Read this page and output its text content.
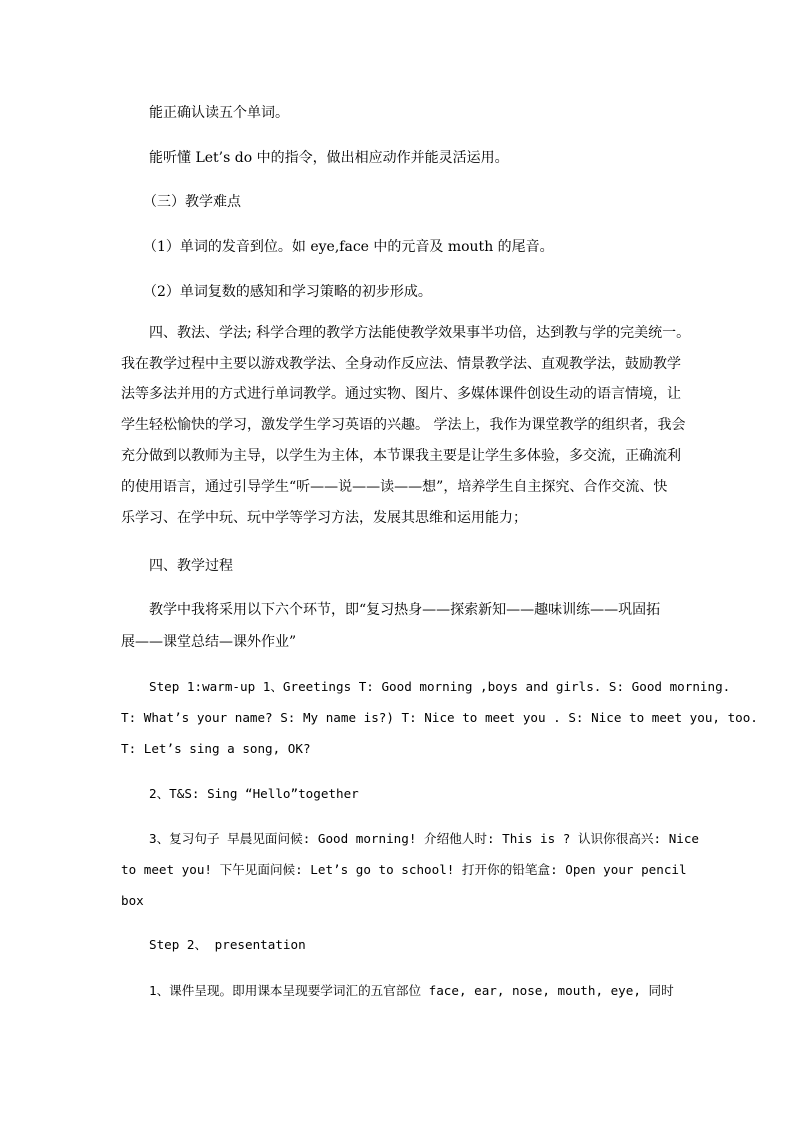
能正确认读五个单词。
能听懂 Let’s do 中的指令，做出相应动作并能灵活运用。
（三）教学难点
（1）单词的发音到位。如 eye,face 中的元音及 mouth 的尾音。
（2）单词复数的感知和学习策略的初步形成。
四、教法、学法; 科学合理的教学方法能使教学效果事半功倍，达到教与学的完美统一。
我在教学过程中主要以游戏教学法、全身动作反应法、情景教学法、直观教学法，鼓励教学
法等多法并用的方式进行单词教学。通过实物、图片、多媒体课件创设生动的语言情境，让
学生轻松愉快的学习，激发学生学习英语的兴趣。 学法上，我作为课堂教学的组织者，我会
充分做到以教师为主导，以学生为主体，本节课我主要是让学生多体验，多交流，正确流利
的使用语言，通过引导学生“听——说——读——想”，培养学生自主探究、合作交流、快
乐学习、在学中玩、玩中学等学习方法，发展其思维和运用能力；
四、教学过程
教学中我将采用以下六个环节，即“复习热身——探索新知——趣味训练——巩固拓
展——课堂总结—课外作业”
Step 1:warm-up 1、Greetings T: Good morning ,boys and girls. S: Good morning.
T: What’s your name? S: My name is?) T: Nice to meet you . S: Nice to meet you, too.
T: Let’s sing a song, OK?
2、T&S: Sing “Hello”together
3、复习句子 早晨见面问候: Good morning! 介绍他人时: This is ? 认识你很高兴: Nice
to meet you! 下午见面问候: Let’s go to school! 打开你的铅笔盒: Open your pencil
box
Step 2、 presentation
1、课件呈现。即用课本呈现要学词汇的五官部位 face, ear, nose, mouth, eye, 同时
